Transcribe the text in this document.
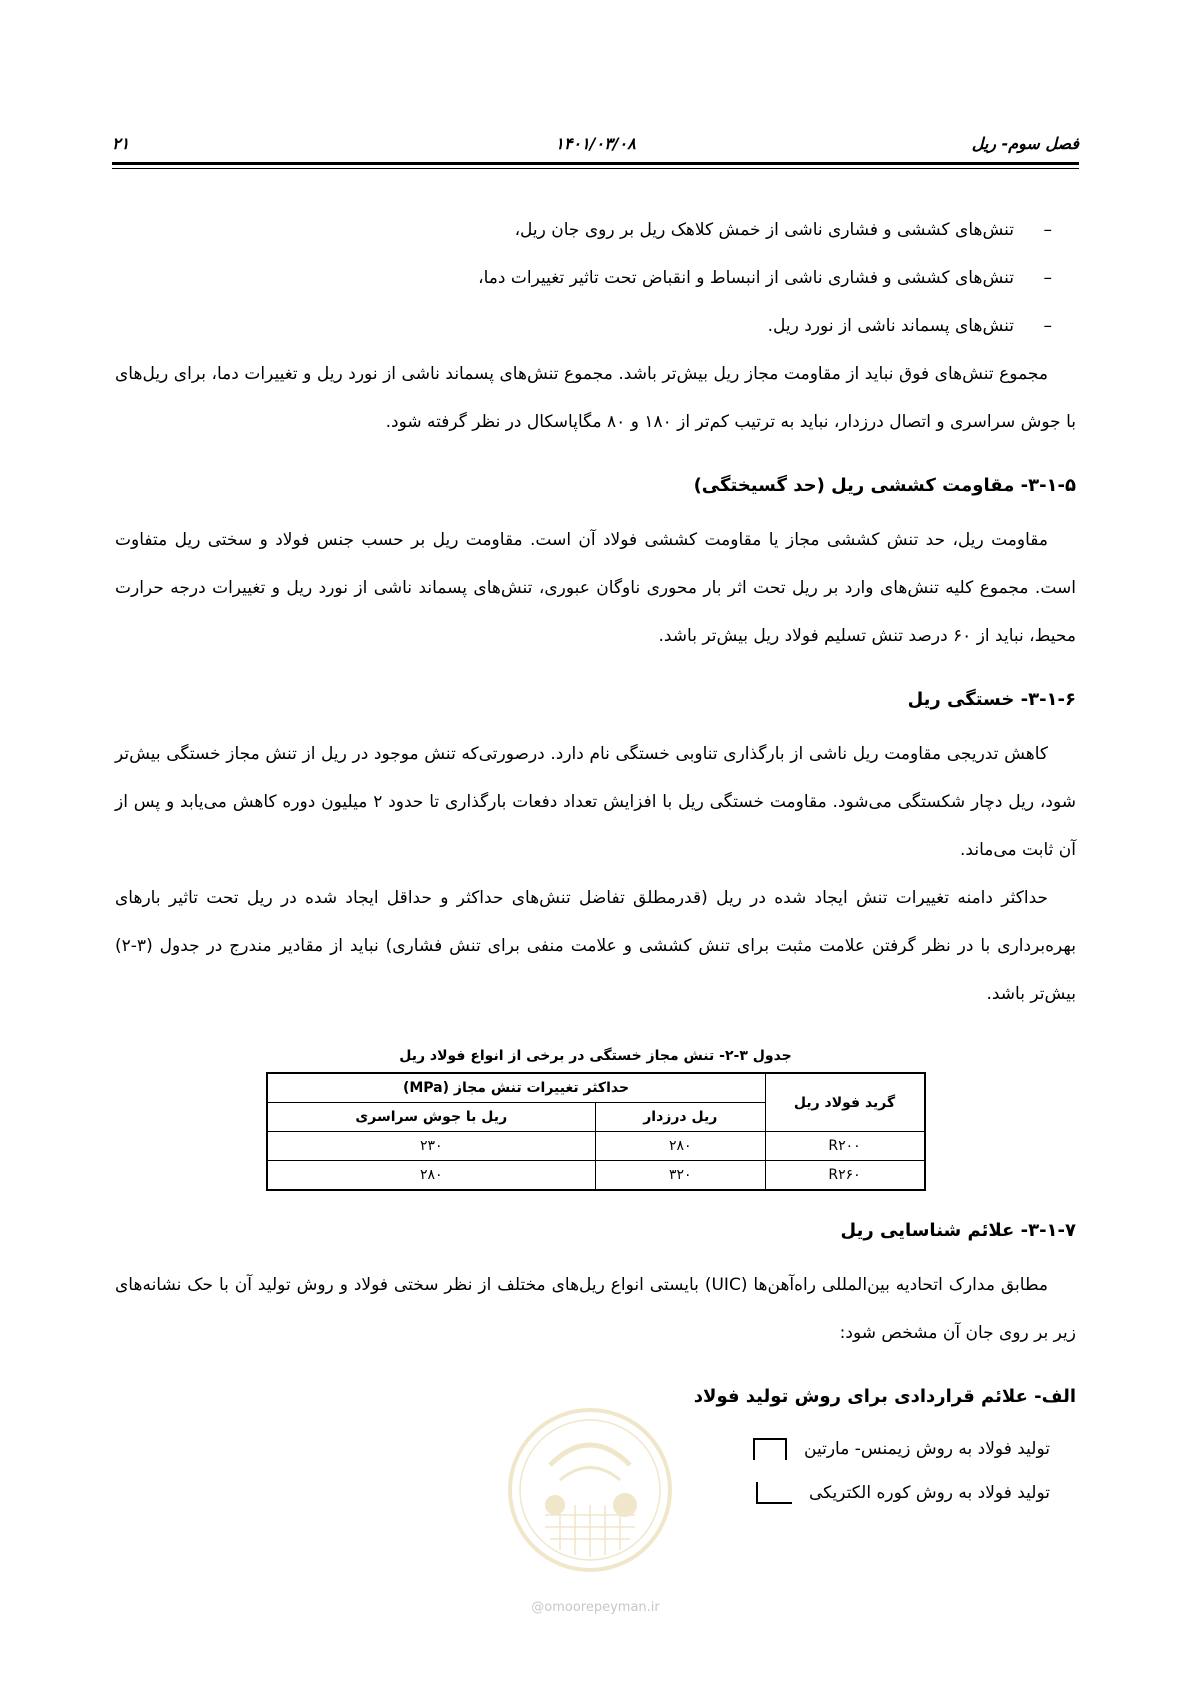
فصل سوم- ریل
۱۴۰۱/۰۳/۰۸
۲۱
–تنش‌های کششی و فشاری ناشی از خمش کلاهک ریل بر روی جان ریل،
–تنش‌های کششی و فشاری ناشی از انبساط و انقباض تحت تاثیر تغییرات دما،
–تنش‌های پسماند ناشی از نورد ریل.

مجموع تنش‌های فوق نباید از مقاومت مجاز ریل بیش‌تر باشد. مجموع تنش‌های پسماند ناشی از نورد ریل و تغییرات دما، برای ریل‌های با جوش سراسری و اتصال درزدار، نباید به ترتیب کم‌تر از ۱۸۰ و ۸۰ مگاپاسکال در نظر گرفته شود.

۳-۱-۵- مقاومت کششی ریل (حد گسیختگی)

مقاومت ریل، حد تنش کششی مجاز یا مقاومت کششی فولاد آن است. مقاومت ریل بر حسب جنس فولاد و سختی ریل متفاوت است. مجموع کلیه تنش‌های وارد بر ریل تحت اثر بار محوری ناوگان عبوری، تنش‌های پسماند ناشی از نورد ریل و تغییرات درجه حرارت محیط، نباید از ۶۰ درصد تنش تسلیم فولاد ریل بیش‌تر باشد.

۳-۱-۶- خستگی ریل

کاهش تدریجی مقاومت ریل ناشی از بارگذاری تناوبی خستگی نام دارد. درصورتی‌که تنش موجود در ریل از تنش مجاز خستگی بیش‌تر شود، ریل دچار شکستگی می‌شود. مقاومت خستگی ریل با افزایش تعداد دفعات بارگذاری تا حدود ۲ میلیون دوره کاهش می‌یابد و پس از آن ثابت می‌ماند.

حداکثر دامنه تغییرات تنش ایجاد شده در ریل (قدرمطلق تفاضل تنش‌های حداکثر و حداقل ایجاد شده در ریل تحت تاثیر بارهای بهره‌برداری با در نظر گرفتن علامت مثبت برای تنش کششی و علامت منفی برای تنش فشاری) نباید از مقادیر مندرج در جدول (۳-۲) بیش‌تر باشد.

جدول ۳-۲- تنش مجاز خستگی در برخی از انواع فولاد ریل
گرید فولاد ریل	حداکثر تغییرات تنش مجاز (MPa)	
	ریل درزدار	ریل با جوش سراسری
R۲۰۰	۲۸۰	۲۳۰
R۲۶۰	۳۲۰	۲۸۰
۳-۱-۷- علائم شناسایی ریل

مطابق مدارک اتحادیه بین‌المللی راه‌آهن‌ها (UIC) بایستی انواع ریل‌های مختلف از نظر سختی فولاد و روش تولید آن با حک نشانه‌های زیر بر روی جان آن مشخص شود:

الف- علائم قراردادی برای روش تولید فولاد
تولید فولاد به روش زیمنس- مارتین
تولید فولاد به روش کوره الکتریکی
@omoorepeyman.ir
